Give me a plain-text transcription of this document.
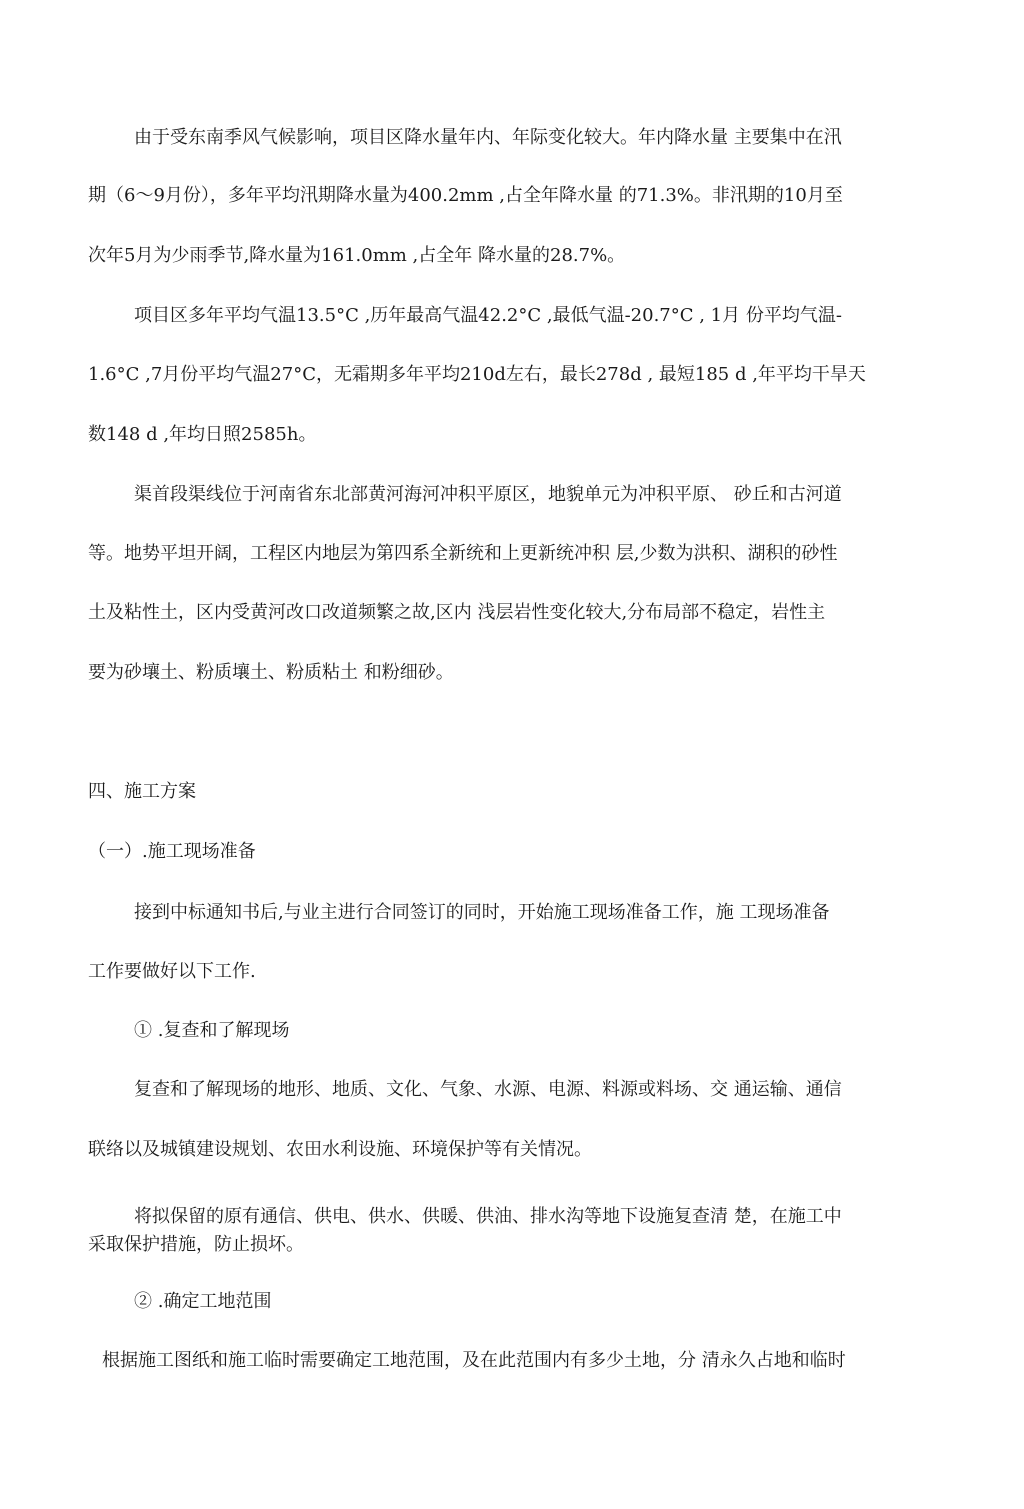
由于受东南季风气候影响，项目区降水量年内、年际变化较大。年内降水量 主要集中在汛
期（6～9月份），多年平均汛期降水量为400.2mm ,占全年降水量 的71.3%。非汛期的10月至
次年5月为少雨季节,降水量为161.0mm ,占全年 降水量的28.7%。
项目区多年平均气温13.5°C ,历年最高气温42.2°C ,最低气温-20.7°C , 1月 份平均气温-
1.6°C ,7月份平均气温27°C，无霜期多年平均210d左右，最长278d , 最短185 d ,年平均干旱天
数148 d ,年均日照2585h。
渠首段渠线位于河南省东北部黄河海河冲积平原区，地貌单元为冲积平原、 砂丘和古河道
等。地势平坦开阔，工程区内地层为第四系全新统和上更新统冲积 层,少数为洪积、湖积的砂性
土及粘性土，区内受黄河改口改道频繁之故,区内 浅层岩性变化较大,分布局部不稳定，岩性主
要为砂壤土、粉质壤土、粉质粘土 和粉细砂。
四、施工方案
（一）.施工现场准备
接到中标通知书后,与业主进行合同签订的同时，开始施工现场准备工作，施 工现场准备
工作要做好以下工作.
① .复查和了解现场
复查和了解现场的地形、地质、文化、气象、水源、电源、料源或料场、交 通运输、通信
联络以及城镇建设规划、农田水利设施、环境保护等有关情况。
将拟保留的原有通信、供电、供水、供暖、供油、排水沟等地下设施复查清 楚，在施工中
采取保护措施，防止损坏。
② .确定工地范围
根据施工图纸和施工临时需要确定工地范围，及在此范围内有多少土地，分 清永久占地和临时
